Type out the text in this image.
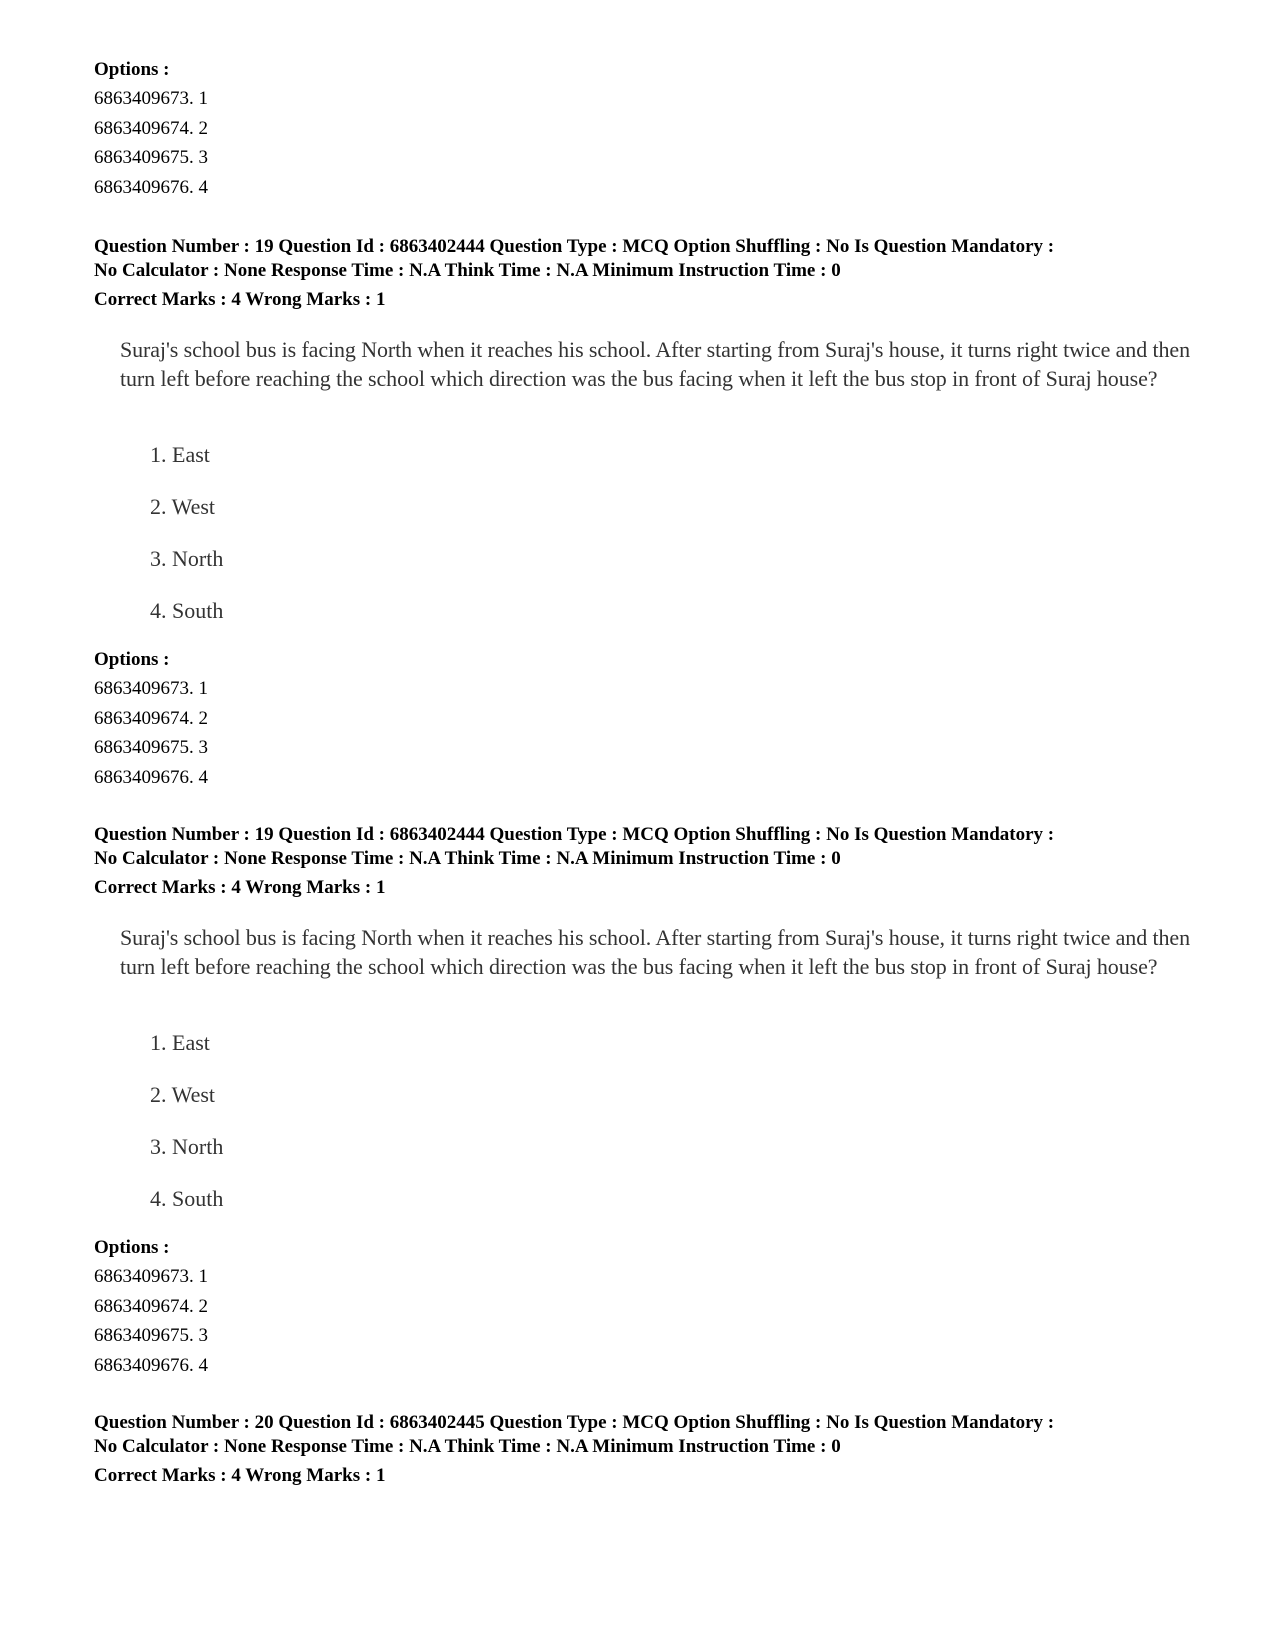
Options :
6863409673. 1
6863409674. 2
6863409675. 3
6863409676. 4
Question Number : 19 Question Id : 6863402444 Question Type : MCQ Option Shuffling : No Is Question Mandatory :
No Calculator : None Response Time : N.A Think Time : N.A Minimum Instruction Time : 0
Correct Marks : 4 Wrong Marks : 1
Suraj's school bus is facing North when it reaches his school. After starting from Suraj's house, it turns right twice and then turn left before reaching the school which direction was the bus facing when it left the bus stop in front of Suraj house?
1. East
2. West
3. North
4. South
Options :
6863409673. 1
6863409674. 2
6863409675. 3
6863409676. 4
Question Number : 19 Question Id : 6863402444 Question Type : MCQ Option Shuffling : No Is Question Mandatory :
No Calculator : None Response Time : N.A Think Time : N.A Minimum Instruction Time : 0
Correct Marks : 4 Wrong Marks : 1
Suraj's school bus is facing North when it reaches his school. After starting from Suraj's house, it turns right twice and then turn left before reaching the school which direction was the bus facing when it left the bus stop in front of Suraj house?
1. East
2. West
3. North
4. South
Options :
6863409673. 1
6863409674. 2
6863409675. 3
6863409676. 4
Question Number : 20 Question Id : 6863402445 Question Type : MCQ Option Shuffling : No Is Question Mandatory :
No Calculator : None Response Time : N.A Think Time : N.A Minimum Instruction Time : 0
Correct Marks : 4 Wrong Marks : 1
